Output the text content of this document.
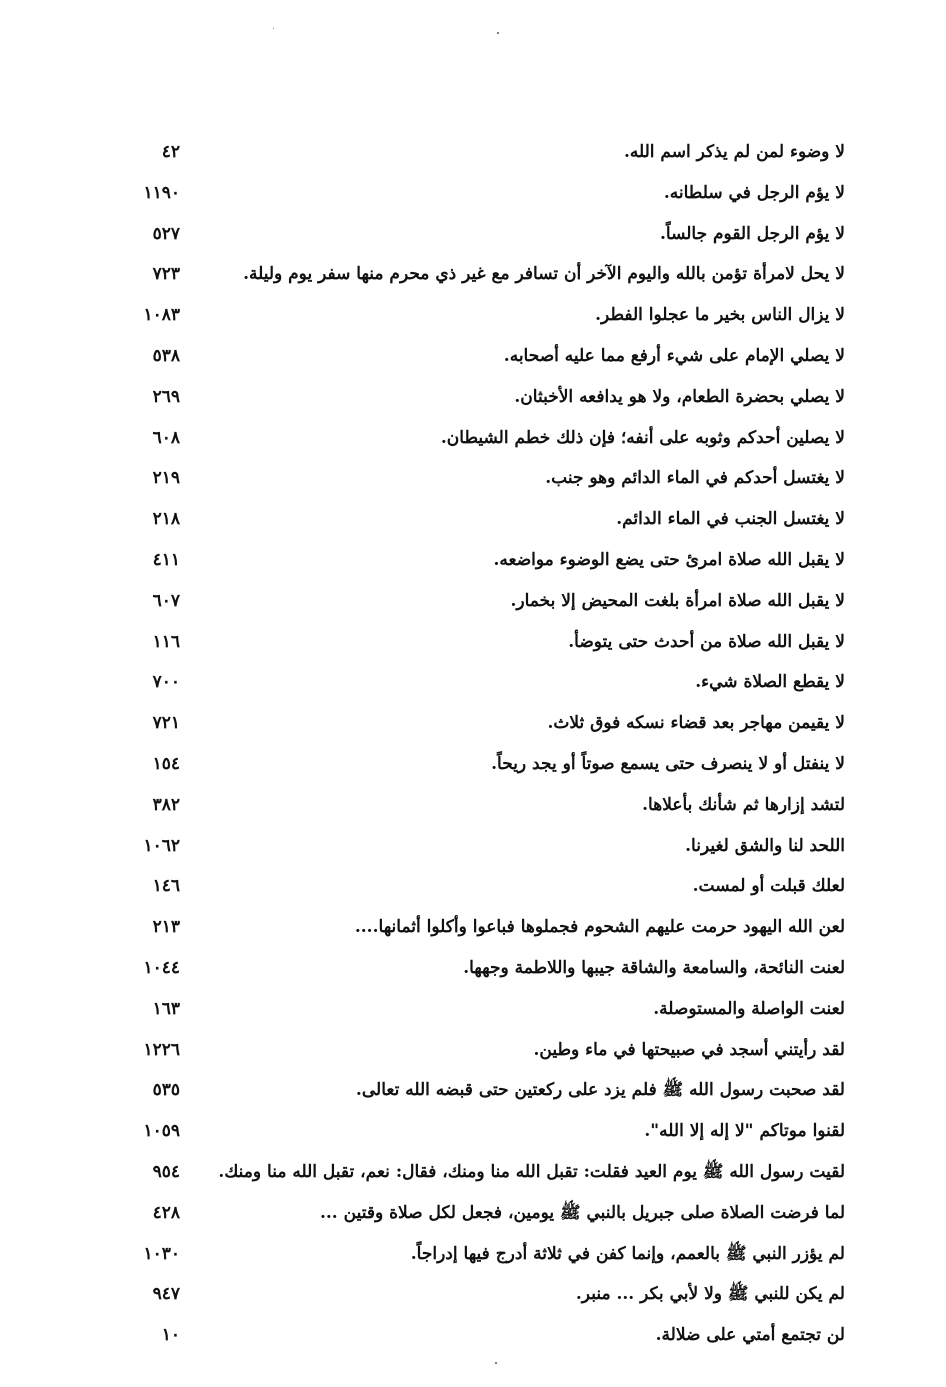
لا وضوء لمن لم يذكر اسم الله.
٤٢
لا يؤم الرجل في سلطانه.
١١٩٠
لا يؤم الرجل القوم جالساً.
٥٢٧
لا يحل لامرأة تؤمن بالله واليوم الآخر أن تسافر مع غير ذي محرم منها سفر يوم وليلة.
٧٢٣
لا يزال الناس بخير ما عجلوا الفطر.
١٠٨٣
لا يصلي الإمام على شيء أرفع مما عليه أصحابه.
٥٣٨
لا يصلي بحضرة الطعام، ولا هو يدافعه الأخبثان.
٢٦٩
لا يصلين أحدكم وثوبه على أنفه؛ فإن ذلك خطم الشيطان.
٦٠٨
لا يغتسل أحدكم في الماء الدائم وهو جنب.
٢١٩
لا يغتسل الجنب في الماء الدائم.
٢١٨
لا يقبل الله صلاة امرئ حتى يضع الوضوء مواضعه.
٤١١
لا يقبل الله صلاة امرأة بلغت المحيض إلا بخمار.
٦٠٧
لا يقبل الله صلاة من أحدث حتى يتوضأ.
١١٦
لا يقطع الصلاة شيء.
٧٠٠
لا يقيمن مهاجر بعد قضاء نسكه فوق ثلاث.
٧٢١
لا ينفتل أو لا ينصرف حتى يسمع صوتاً أو يجد ريحاً.
١٥٤
لتشد إزارها ثم شأنك بأعلاها.
٣٨٢
اللحد لنا والشق لغيرنا.
١٠٦٢
لعلك قبلت أو لمست.
١٤٦
لعن الله اليهود حرمت عليهم الشحوم فجملوها فباعوا وأكلوا أثمانها....
٢١٣
لعنت النائحة، والسامعة والشاقة جيبها واللاطمة وجهها.
١٠٤٤
لعنت الواصلة والمستوصلة.
١٦٣
لقد رأيتني أسجد في صبيحتها في ماء وطين.
١٢٢٦
لقد صحبت رسول الله ﷺ فلم يزد على ركعتين حتى قبضه الله تعالى.
٥٣٥
لقنوا موتاكم "لا إله إلا الله".
١٠٥٩
لقيت رسول الله ﷺ يوم العيد فقلت: تقبل الله منا ومنك، فقال: نعم، تقبل الله منا ومنك.
٩٥٤
لما فرضت الصلاة صلى جبريل بالنبي ﷺ يومين، فجعل لكل صلاة وقتين ...
٤٢٨
لم يؤزر النبي ﷺ بالعمم، وإنما كفن في ثلاثة أدرج فيها إدراجاً.
١٠٣٠
لم يكن للنبي ﷺ ولا لأبي بكر ... منبر.
٩٤٧
لن تجتمع أمتي على ضلالة.
١٠
